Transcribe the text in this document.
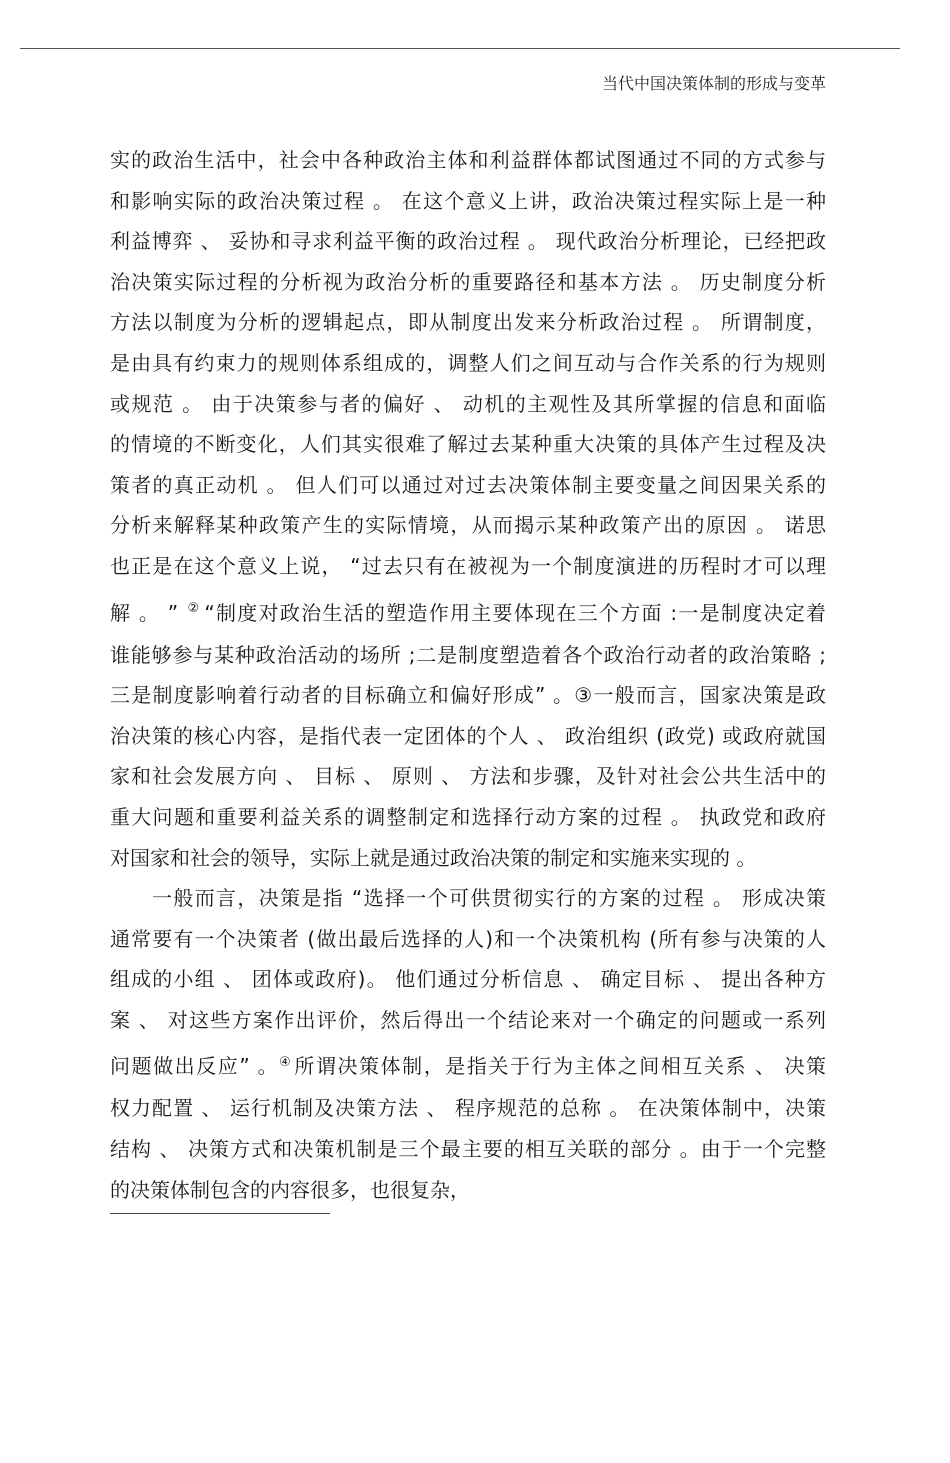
当代中国决策体制的形成与变革
实的政治生活中，社会中各种政治主体和利益群体都试图通过不同的方式参与
和影响实际的政治决策过程 。 在这个意义上讲，政治决策过程实际上是一种
利益博弈 、 妥协和寻求利益平衡的政治过程 。 现代政治分析理论，已经把政
治决策实际过程的分析视为政治分析的重要路径和基本方法 。 历史制度分析
方法以制度为分析的逻辑起点，即从制度出发来分析政治过程 。 所谓制度，
是由具有约束力的规则体系组成的，调整人们之间互动与合作关系的行为规则
或规范 。 由于决策参与者的偏好 、 动机的主观性及其所掌握的信息和面临
的情境的不断变化，人们其实很难了解过去某种重大决策的具体产生过程及决
策者的真正动机 。 但人们可以通过对过去决策体制主要变量之间因果关系的
分析来解释某种政策产生的实际情境，从而揭示某种政策产出的原因 。 诺思
也正是在这个意义上说， “过去只有在被视为一个制度演进的历程时才可以理
解 。 ” ② “制度对政治生活的塑造作用主要体现在三个方面 :一是制度决定着
谁能够参与某种政治活动的场所 ;二是制度塑造着各个政治行动者的政治策略 ;
三是制度影响着行动者的目标确立和偏好形成” 。③一般而言，国家决策是政
治决策的核心内容，是指代表一定团体的个人 、 政治组织 (政党) 或政府就国
家和社会发展方向 、 目标 、 原则 、 方法和步骤，及针对社会公共生活中的
重大问题和重要利益关系的调整制定和选择行动方案的过程 。 执政党和政府
对国家和社会的领导，实际上就是通过政治决策的制定和实施来实现的 。
一般而言，决策是指 “选择一个可供贯彻实行的方案的过程 。 形成决策
通常要有一个决策者 (做出最后选择的人)和一个决策机构 (所有参与决策的人
组成的小组 、 团体或政府)。 他们通过分析信息 、 确定目标 、 提出各种方
案 、 对这些方案作出评价，然后得出一个结论来对一个确定的问题或一系列
问题做出反应” 。④ 所谓决策体制，是指关于行为主体之间相互关系 、 决策
权力配置 、 运行机制及决策方法 、 程序规范的总称 。 在决策体制中，决策
结构 、 决策方式和决策机制是三个最主要的相互关联的部分 。由于一个完整
的决策体制包含的内容很多，也很复杂，
